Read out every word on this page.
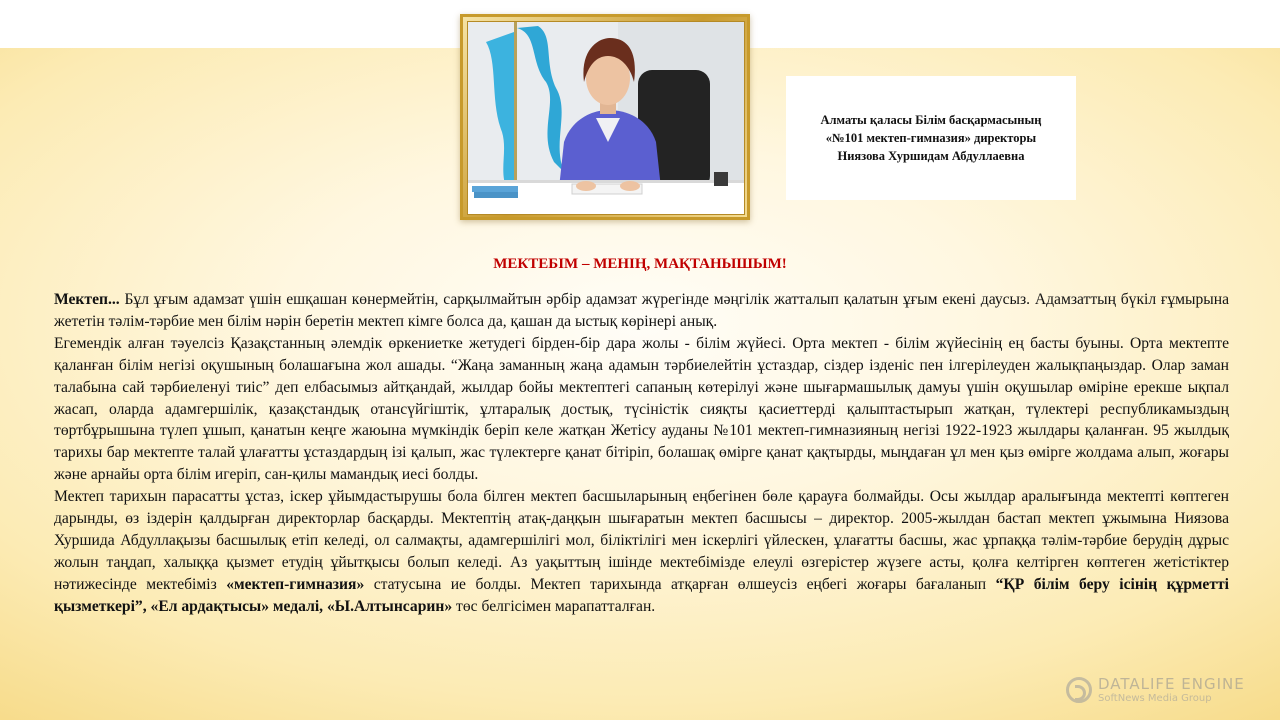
Алматы қаласы Білім басқармасының
«№101 мектеп-гимназия» директоры
Ниязова Хуршидам Абдуллаевна
МЕКТЕБІМ – МЕНІҢ, МАҚТАНЫШЫМ!

Мектеп... Бұл ұғым адамзат үшін ешқашан көнермейтін, сарқылмайтын әрбір адамзат жүрегінде мәңгілік жатталып қалатын ұғым екені даусыз. Адамзаттың бүкіл ғұмырына жететін тәлім-тәрбие мен білім нәрін беретін мектеп кімге болса да, қашан да ыстық көрінері анық.

Егемендік алған тәуелсіз Қазақстанның әлемдік өркениетке жетудегі бірден-бір дара жолы - білім жүйесі. Орта мектеп - білім жүйесінің ең басты буыны. Орта мектепте қаланған білім негізі оқушының болашағына жол ашады. “Жаңа заманның жаңа адамын тәрбиелейтін ұстаздар, сіздер ізденіс пен ілгерілеуден жалықпаңыздар. Олар заман талабына сай тәрбиеленуі тиіс” деп елбасымыз айтқандай, жылдар бойы мектептегі сапаның көтерілуі және шығармашылық дамуы үшін оқушылар өміріне ерекше ықпал жасап, оларда адамгершілік, қазақстандық отансүйгіштік, ұлтаралық достық, түсіністік сияқты қасиеттерді қалыптастырып жатқан, түлектері республикамыздың төртбұрышына түлеп ұшып, қанатын кеңге жаюына мүмкіндік беріп келе жатқан Жетісу ауданы №101 мектеп-гимназияның негізі 1922-1923 жылдары қаланған. 95 жылдық тарихы бар мектепте талай ұлағатты ұстаздардың ізі қалып, жас түлектерге қанат бітіріп, болашақ өмірге қанат қақтырды, мыңдаған ұл мен қыз өмірге жолдама алып, жоғары және арнайы орта білім игеріп, сан-қилы мамандық иесі болды.

Мектеп тарихын парасатты ұстаз, іскер ұйымдастырушы бола білген мектеп басшыларының еңбегінен бөле қарауға болмайды. Осы жылдар аралығында мектепті көптеген дарынды, өз іздерін қалдырған директорлар басқарды. Мектептің атақ-даңқын шығаратын мектеп басшысы – директор. 2005-жылдан бастап мектеп ұжымына Ниязова Хуршида Абдуллақызы басшылық етіп келеді, ол салмақты, адамгершілігі мол, біліктілігі мен іскерлігі үйлескен, ұлағатты басшы, жас ұрпаққа тәлім-тәрбие берудің дұрыс жолын таңдап, халыққа қызмет етудің ұйытқысы болып келеді. Аз уақыттың ішінде мектебімізде елеулі өзгерістер жүзеге асты, қолға келтірген көптеген жетістіктер нәтижесінде мектебіміз «мектеп-гимназия» статусына ие болды. Мектеп тарихында атқарған өлшеусіз еңбегі жоғары бағаланып “ҚР білім беру ісінің құрметті қызметкері”, «Ел ардақтысы» медалі, «Ы.Алтынсарин» төс белгісімен марапатталған.

DATALIFE ENGINE
SoftNews Media Group
